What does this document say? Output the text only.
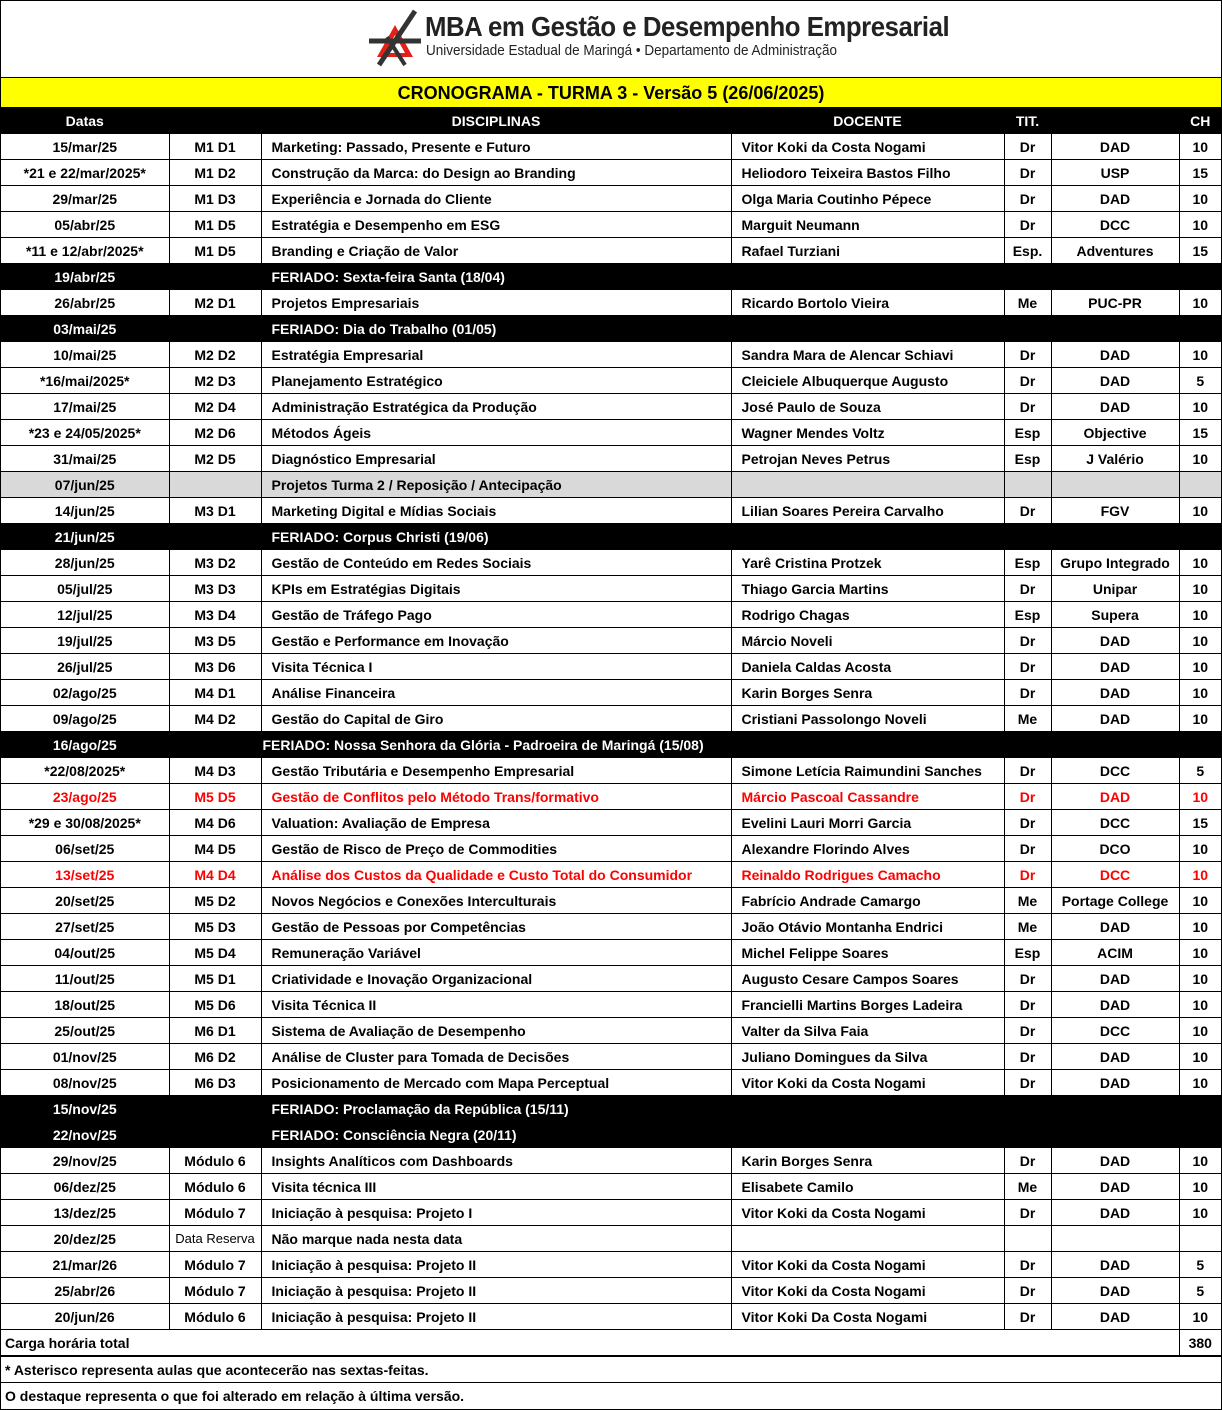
MBA em Gestão e Desempenho Empresarial
Universidade Estadual de Maringá • Departamento de Administração
CRONOGRAMA - TURMA 3 - Versão 5 (26/06/2025)
Datas		DISCIPLINAS	DOCENTE	TIT.		CH
15/mar/25	M1 D1	Marketing: Passado, Presente e Futuro	Vitor Koki da Costa Nogami	Dr	DAD	10
*21 e 22/mar/2025*	M1 D2	Construção da Marca: do Design ao Branding	Heliodoro Teixeira Bastos Filho	Dr	USP	15
29/mar/25	M1 D3	Experiência e Jornada do Cliente	Olga Maria Coutinho Pépece	Dr	DAD	10
05/abr/25	M1 D5	Estratégia e Desempenho em ESG	Marguit Neumann	Dr	DCC	10
*11 e 12/abr/2025*	M1 D5	Branding e Criação de Valor	Rafael Turziani	Esp.	Adventures	15
19/abr/25		FERIADO: Sexta-feira Santa (18/04)				
26/abr/25	M2 D1	Projetos Empresariais	Ricardo Bortolo Vieira	Me	PUC-PR	10
03/mai/25		FERIADO: Dia do Trabalho (01/05)				
10/mai/25	M2 D2	Estratégia Empresarial	Sandra Mara de Alencar Schiavi	Dr	DAD	10
*16/mai/2025*	M2 D3	Planejamento Estratégico	Cleiciele Albuquerque Augusto	Dr	DAD	5
17/mai/25	M2 D4	Administração Estratégica da Produção	José Paulo de Souza	Dr	DAD	10
*23 e 24/05/2025*	M2 D6	Métodos Ágeis	Wagner Mendes Voltz	Esp	Objective	15
31/mai/25	M2 D5	Diagnóstico Empresarial	Petrojan Neves Petrus	Esp	J Valério	10
07/jun/25		Projetos Turma 2 / Reposição / Antecipação				
14/jun/25	M3 D1	Marketing Digital e Mídias Sociais	Lilian Soares Pereira Carvalho	Dr	FGV	10
21/jun/25		FERIADO: Corpus Christi (19/06)				
28/jun/25	M3 D2	Gestão de Conteúdo em Redes Sociais	Yarê Cristina Protzek	Esp	Grupo Integrado	10
05/jul/25	M3 D3	KPIs em Estratégias Digitais	Thiago Garcia Martins	Dr	Unipar	10
12/jul/25	M3 D4	Gestão de Tráfego Pago	Rodrigo Chagas	Esp	Supera	10
19/jul/25	M3 D5	Gestão e Performance em Inovação	Márcio Noveli	Dr	DAD	10
26/jul/25	M3 D6	Visita Técnica I	Daniela Caldas Acosta	Dr	DAD	10
02/ago/25	M4 D1	Análise Financeira	Karin Borges Senra	Dr	DAD	10
09/ago/25	M4 D2	Gestão do Capital de Giro	Cristiani Passolongo Noveli	Me	DAD	10
16/ago/25		FERIADO: Nossa Senhora da Glória - Padroeira de Maringá (15/08)				
*22/08/2025*	M4 D3	Gestão Tributária e Desempenho Empresarial	Simone Letícia Raimundini Sanches	Dr	DCC	5
23/ago/25	M5 D5	Gestão de Conflitos pelo Método Trans/formativo	Márcio Pascoal Cassandre	Dr	DAD	10
*29 e 30/08/2025*	M4 D6	Valuation: Avaliação de Empresa	Evelini Lauri Morri Garcia	Dr	DCC	15
06/set/25	M4 D5	Gestão de Risco de Preço de Commodities	Alexandre Florindo Alves	Dr	DCO	10
13/set/25	M4 D4	Análise dos Custos da Qualidade e Custo Total do Consumidor	Reinaldo Rodrigues Camacho	Dr	DCC	10
20/set/25	M5 D2	Novos Negócios e Conexões Interculturais	Fabrício Andrade Camargo	Me	Portage College	10
27/set/25	M5 D3	Gestão de Pessoas por Competências	João Otávio Montanha Endrici	Me	DAD	10
04/out/25	M5 D4	Remuneração Variável	Michel Felippe Soares	Esp	ACIM	10
11/out/25	M5 D1	Criatividade e Inovação Organizacional	Augusto Cesare Campos Soares	Dr	DAD	10
18/out/25	M5 D6	Visita Técnica II	Francielli Martins Borges Ladeira	Dr	DAD	10
25/out/25	M6 D1	Sistema de Avaliação de Desempenho	Valter da Silva Faia	Dr	DCC	10
01/nov/25	M6 D2	Análise de Cluster para Tomada de Decisões	Juliano Domingues da Silva	Dr	DAD	10
08/nov/25	M6 D3	Posicionamento de Mercado com Mapa Perceptual	Vitor Koki da Costa Nogami	Dr	DAD	10
15/nov/25		FERIADO: Proclamação da República (15/11)				
22/nov/25		FERIADO: Consciência Negra (20/11)				
29/nov/25	Módulo 6	Insights Analíticos com Dashboards	Karin Borges Senra	Dr	DAD	10
06/dez/25	Módulo 6	Visita técnica III	Elisabete Camilo	Me	DAD	10
13/dez/25	Módulo 7	Iniciação à pesquisa: Projeto I	Vitor Koki da Costa Nogami	Dr	DAD	10
20/dez/25	Data Reserva	Não marque nada nesta data				
21/mar/26	Módulo 7	Iniciação à pesquisa: Projeto II	Vitor Koki da Costa Nogami	Dr	DAD	5
25/abr/26	Módulo 7	Iniciação à pesquisa: Projeto II	Vitor Koki da Costa Nogami	Dr	DAD	5
20/jun/26	Módulo 6	Iniciação à pesquisa: Projeto II	Vitor Koki Da Costa Nogami	Dr	DAD	10
Carga horária total						380
* Asterisco representa aulas que acontecerão nas sextas-feitas.
O destaque representa o que foi alterado em relação à última versão.
